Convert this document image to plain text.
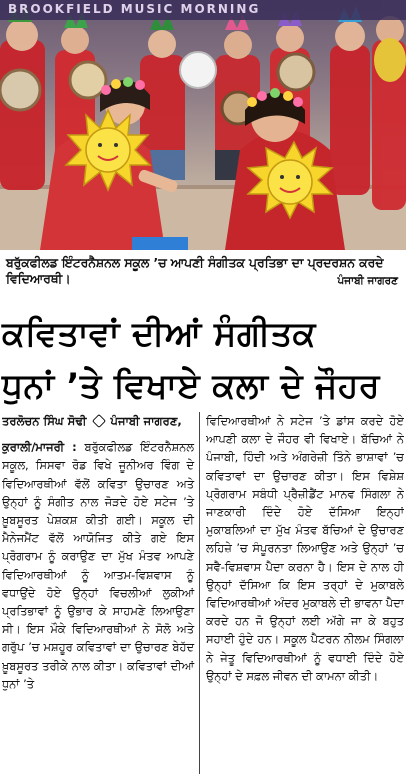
BROOKFIELD MUSIC MORNING
ਬਰੁੱਕਫੀਲਡ ਇੰਟਰਨੈਸ਼ਨਲ ਸਕੂਲ ’ਚ ਆਪਣੀ ਸੰਗੀਤਕ ਪ੍ਰਤਿਭਾ ਦਾ ਪ੍ਰਦਰਸ਼ਨ ਕਰਦੇ ਵਿਦਿਆਰਥੀ।	ਪੰਜਾਬੀ ਜਾਗਰਣ
ਕਵਿਤਾਵਾਂ ਦੀਆਂ ਸੰਗੀਤਕ
ਧੁਨਾਂ ’ਤੇ ਵਿਖਾਏ ਕਲਾ ਦੇ ਜੌਹਰ
ਤਰਲੋਚਨ ਸਿੰਘ ਸੋਢੀ ਪੰਜਾਬੀ ਜਾਗਰਣ,
ਕੁਰਾਲੀ/ਮਾਜਰੀ : ਬਰੁੱਕਫੀਲਡ ਇੰਟਰਨੈਸ਼ਨਲ ਸਕੂਲ, ਸਿਸਵਾ ਰੋਡ ਵਿਖੇ ਜੂਨੀਅਰ ਵਿੰਗ ਦੇ ਵਿਦਿਆਰਥੀਆਂ ਵੱਲੋਂ ਕਵਿਤਾ ਉਚਾਰਣ ਅਤੇ ਉਨ੍ਹਾਂ ਨੂੰ ਸੰਗੀਤ ਨਾਲ ਜੋੜਦੇ ਹੋਏ ਸਟੇਜ ’ਤੇ ਖ਼ੂਬਸੂਰਤ ਪੇਸ਼ਕਸ਼ ਕੀਤੀ ਗਈ। ਸਕੂਲ ਦੀ ਮੈਨੇਜਮੈਂਟ ਵੱਲੋਂ ਆਯੋਜਿਤ ਕੀਤੇ ਗਏ ਇਸ ਪ੍ਰੋਗਰਾਮ ਨੂੰ ਕਰਾਉਣ ਦਾ ਮੁੱਖ ਮੰਤਵ ਆਪਣੇ ਵਿਦਿਆਰਥੀਆਂ ਨੂੰ ਆਤਮ-ਵਿਸ਼ਵਾਸ ਨੂੰ ਵਧਾਉਂਦੇ ਹੋਏ ਉਨ੍ਹਾਂ ਵਿਚਲੀਆਂ ਲੁਕੀਆਂ ਪ੍ਰਤਿਭਾਵਾਂ ਨੂੰ ਉਭਾਰ ਕੇ ਸਾਹਮਣੇ ਲਿਆਉਣਾ ਸੀ। ਇਸ ਮੌਕੇ ਵਿਦਿਆਰਥੀਆਂ ਨੇ ਸੋਲੋ ਅਤੇ ਗਰੁੱਪ ’ਚ ਮਸ਼ਹੂਰ ਕਵਿਤਾਵਾਂ ਦਾ ਉਚਾਰਣ ਬੇਹੱਦ ਖ਼ੂਬਸੂਰਤ ਤਰੀਕੇ ਨਾਲ ਕੀਤਾ। ਕਵਿਤਾਵਾਂ ਦੀਆਂ ਧੁਨਾਂ ’ਤੇ
ਵਿਦਿਆਰਥੀਆਂ ਨੇ ਸਟੇਜ ’ਤੇ ਡਾਂਸ ਕਰਦੇ ਹੋਏ ਆਪਣੀ ਕਲਾ ਦੇ ਜੌਹਰ ਵੀ ਵਿਖਾਏ। ਬੱਚਿਆਂ ਨੇ ਪੰਜਾਬੀ, ਹਿੰਦੀ ਅਤੇ ਅੰਗਰੇਜ਼ੀ ਤਿੰਨੇ ਭਾਸ਼ਾਵਾਂ ’ਚ ਕਵਿਤਾਵਾਂ ਦਾ ਉਚਾਰਣ ਕੀਤਾ। ਇਸ ਵਿਸ਼ੇਸ਼ ਪ੍ਰੋਗਰਾਮ ਸਬੰਧੀ ਪ੍ਰੈਜ਼ੀਡੈਂਟ ਮਾਨਵ ਸਿੰਗਲਾ ਨੇ ਜਾਣਕਾਰੀ ਦਿੰਦੇ ਹੋਏ ਦੱਸਿਆ ਇਨ੍ਹਾਂ ਮੁਕਾਬਲਿਆਂ ਦਾ ਮੁੱਖ ਮੰਤਵ ਬੱਚਿਆਂ ਦੇ ਉਚਾਰਣ ਲਹਿਜ਼ੇ ’ਚ ਸੰਪੂਰਨਤਾ ਲਿਆਉਣ ਅਤੇ ਉਨ੍ਹਾਂ ’ਚ ਸਵੈ-ਵਿਸ਼ਵਾਸ ਪੈਦਾ ਕਰਨਾ ਹੈ। ਇਸ ਦੇ ਨਾਲ ਹੀ ਉਨ੍ਹਾਂ ਦੱਸਿਆ ਕਿ ਇਸ ਤਰ੍ਹਾਂ ਦੇ ਮੁਕਾਬਲੇ ਵਿਦਿਆਰਥੀਆਂ ਅੰਦਰ ਮੁਕਾਬਲੇ ਦੀ ਭਾਵਨਾ ਪੈਦਾ ਕਰਦੇ ਹਨ ਜੋ ਉਨ੍ਹਾਂ ਲਈ ਅੱਗੇ ਜਾ ਕੇ ਬਹੁਤ ਸਹਾਈ ਹੁੰਦੇ ਹਨ। ਸਕੂਲ ਪੈਟਰਨ ਨੀਲਮ ਸਿੰਗਲਾ ਨੇ ਜੇਤੂ ਵਿਦਿਆਰਥੀਆਂ ਨੂੰ ਵਧਾਈ ਦਿੰਦੇ ਹੋਏ ਉਨ੍ਹਾਂ ਦੇ ਸਫ਼ਲ ਜੀਵਨ ਦੀ ਕਾਮਨਾ ਕੀਤੀ।
